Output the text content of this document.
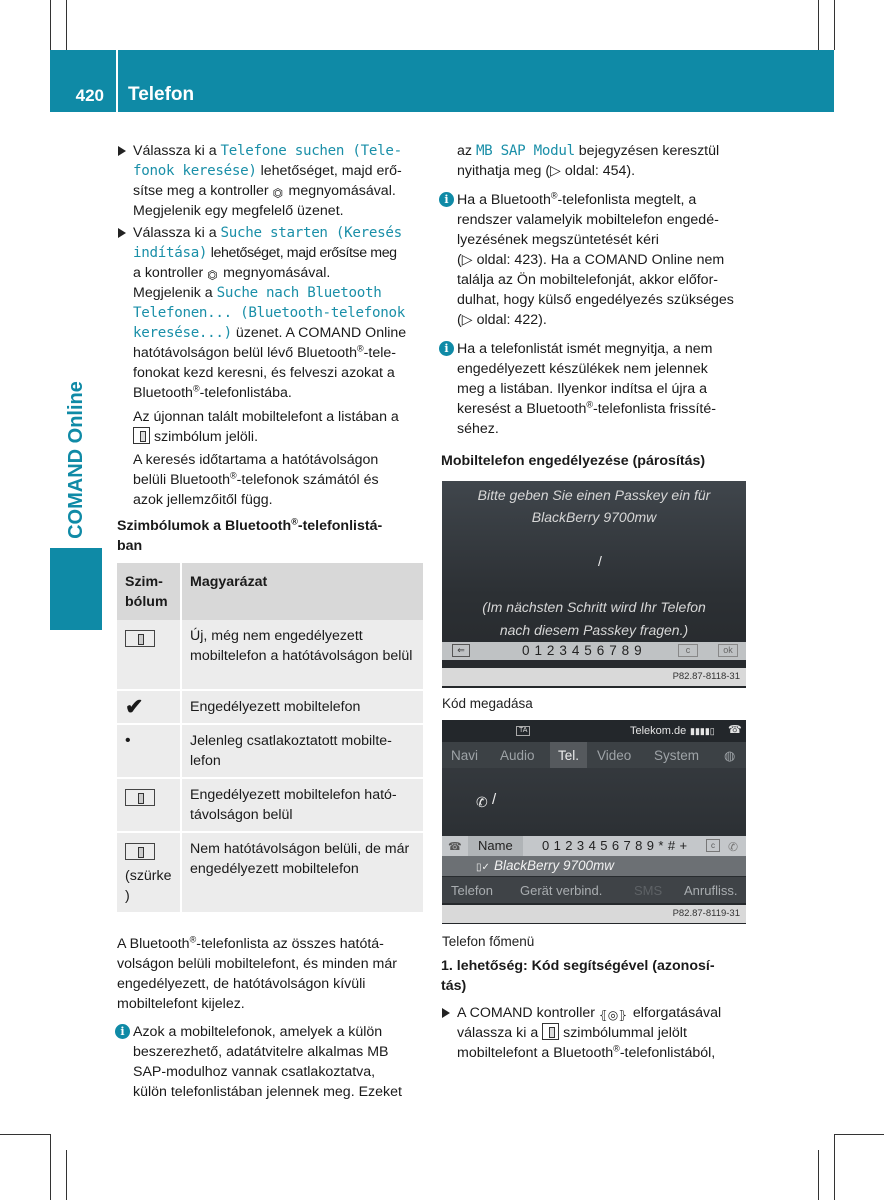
420	Telefon
COMAND Online
Válassza ki a Telefone suchen (Tele‑
fonok keresése) lehetőséget, majd erő-
sítse meg a kontroller ⏣ megnyomásával.
Megjelenik egy megfelelő üzenet.
Válassza ki a Suche starten (Keresés
indítása) lehetőséget, majd erősítse meg
a kontroller ⏣ megnyomásával.
Megjelenik a Suche nach Bluetooth
Telefonen... (Bluetooth-telefonok
keresése...) üzenet. A COMAND Online
hatótávolságon belül lévő Bluetooth®-tele-
fonokat kezd keresni, és felveszi azokat a
Bluetooth®-telefonlistába.
Az újonnan talált mobiltelefont a listában a
szimbólum jelöli.
A keresés időtartama a hatótávolságon
belüli Bluetooth®-telefonok számától és
azok jellemzőitől függ.
Szimbólumok a Bluetooth®-telefonlistá-
ban
Szim-
bólum	Magyarázat
	Új, még nem engedélyezett mobiltelefon a hatótávolságon belül
✔	Engedélyezett mobiltelefon
•	Jelenleg csatlakoztatott mobilte-lefon
	Engedélyezett mobiltelefon ható-távolságon belül

(szürke
)	Nem hatótávolságon belüli, de már engedélyezett mobiltelefon
A Bluetooth®-telefonlista az összes hatótá-
volságon belüli mobiltelefont, és minden már
engedélyezett, de hatótávolságon kívüli
mobiltelefont kijelez.
i Azok a mobiltelefonok, amelyek a külön
beszerezhető, adatátvitelre alkalmas MB
SAP-modulhoz vannak csatlakoztatva,
külön telefonlistában jelennek meg. Ezeket
az MB SAP Modul bejegyzésen keresztül
nyithatja meg (▷ oldal: 454).
i Ha a Bluetooth®-telefonlista megtelt, a
rendszer valamelyik mobiltelefon engedé-
lyezésének megszüntetését kéri
(▷ oldal: 423). Ha a COMAND Online nem
találja az Ön mobiltelefonját, akkor előfor-
dulhat, hogy külső engedélyezés szükséges
(▷ oldal: 422).
i Ha a telefonlistát ismét megnyitja, a nem
engedélyezett készülékek nem jelennek
meg a listában. Ilyenkor indítsa el újra a
keresést a Bluetooth®-telefonlista frissíté-
séhez.
Mobiltelefon engedélyezése (párosítás)
Bitte geben Sie einen Passkey ein für
BlackBerry 9700mw
/
(Im nächsten Schritt wird Ihr Telefon
nach diesem Passkey fragen.)
⇐	0 1 2 3 4 5 6 7 8 9	c	ok
P82.87-8118-31
Kód megadása
TA	Telekom.de ▮▮▮▮▯ ☎
Navi Audio	Tel.	Video System ◍
✆ /
☎	Name	0 1 2 3 4 5 6 7 8 9 * # +	c	✆
▯✓ BlackBerry 9700mw
Telefon Gerät verbind. SMS Anrufliss.
P82.87-8119-31
Telefon főmenü
1. lehetőség: Kód segítségével (azonosí-
tás)
A COMAND kontroller ⦃◎⦄ elforgatásával
válassza ki a  szimbólummal jelölt
mobiltelefont a Bluetooth®-telefonlistából,
